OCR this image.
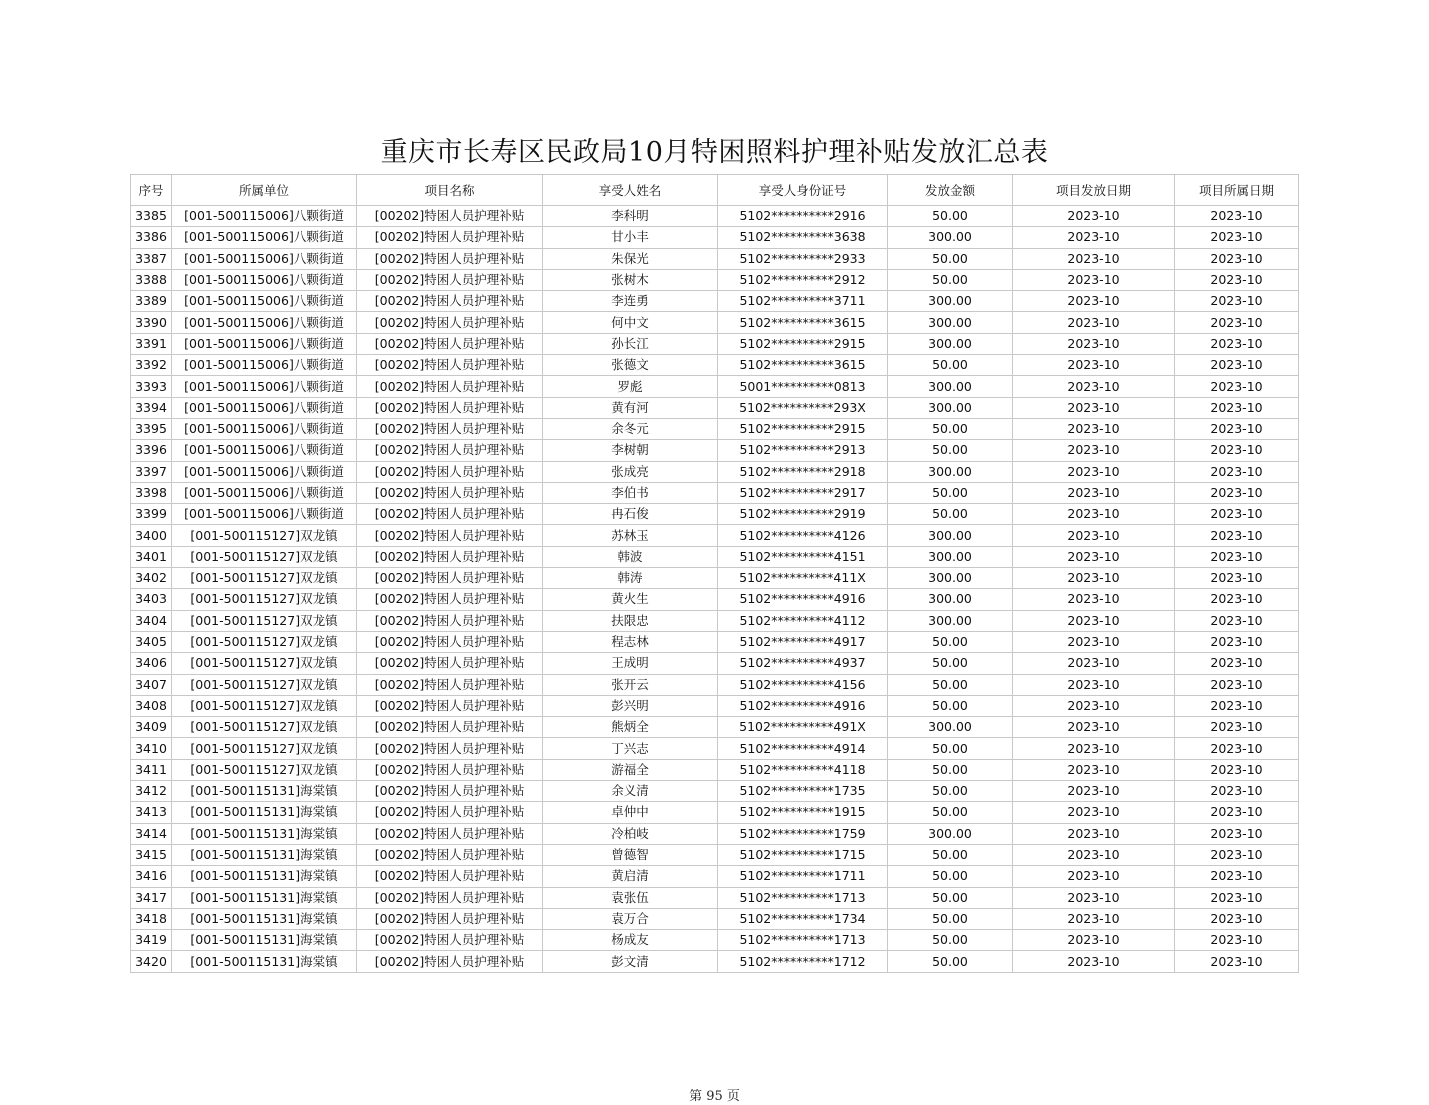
重庆市长寿区民政局10月特困照料护理补贴发放汇总表
序号	所属单位	项目名称	享受人姓名	享受人身份证号	发放金额	项目发放日期	项目所属日期
3385	[001-500115006]八颗街道	[00202]特困人员护理补贴	李科明	5102**********2916	50.00	2023-10	2023-10
3386	[001-500115006]八颗街道	[00202]特困人员护理补贴	甘小丰	5102**********3638	300.00	2023-10	2023-10
3387	[001-500115006]八颗街道	[00202]特困人员护理补贴	朱保光	5102**********2933	50.00	2023-10	2023-10
3388	[001-500115006]八颗街道	[00202]特困人员护理补贴	张树木	5102**********2912	50.00	2023-10	2023-10
3389	[001-500115006]八颗街道	[00202]特困人员护理补贴	李连勇	5102**********3711	300.00	2023-10	2023-10
3390	[001-500115006]八颗街道	[00202]特困人员护理补贴	何中文	5102**********3615	300.00	2023-10	2023-10
3391	[001-500115006]八颗街道	[00202]特困人员护理补贴	孙长江	5102**********2915	300.00	2023-10	2023-10
3392	[001-500115006]八颗街道	[00202]特困人员护理补贴	张德文	5102**********3615	50.00	2023-10	2023-10
3393	[001-500115006]八颗街道	[00202]特困人员护理补贴	罗彪	5001**********0813	300.00	2023-10	2023-10
3394	[001-500115006]八颗街道	[00202]特困人员护理补贴	黄有河	5102**********293X	300.00	2023-10	2023-10
3395	[001-500115006]八颗街道	[00202]特困人员护理补贴	余冬元	5102**********2915	50.00	2023-10	2023-10
3396	[001-500115006]八颗街道	[00202]特困人员护理补贴	李树朝	5102**********2913	50.00	2023-10	2023-10
3397	[001-500115006]八颗街道	[00202]特困人员护理补贴	张成亮	5102**********2918	300.00	2023-10	2023-10
3398	[001-500115006]八颗街道	[00202]特困人员护理补贴	李伯书	5102**********2917	50.00	2023-10	2023-10
3399	[001-500115006]八颗街道	[00202]特困人员护理补贴	冉石俊	5102**********2919	50.00	2023-10	2023-10
3400	[001-500115127]双龙镇	[00202]特困人员护理补贴	苏林玉	5102**********4126	300.00	2023-10	2023-10
3401	[001-500115127]双龙镇	[00202]特困人员护理补贴	韩波	5102**********4151	300.00	2023-10	2023-10
3402	[001-500115127]双龙镇	[00202]特困人员护理补贴	韩涛	5102**********411X	300.00	2023-10	2023-10
3403	[001-500115127]双龙镇	[00202]特困人员护理补贴	黄火生	5102**********4916	300.00	2023-10	2023-10
3404	[001-500115127]双龙镇	[00202]特困人员护理补贴	扶限忠	5102**********4112	300.00	2023-10	2023-10
3405	[001-500115127]双龙镇	[00202]特困人员护理补贴	程志林	5102**********4917	50.00	2023-10	2023-10
3406	[001-500115127]双龙镇	[00202]特困人员护理补贴	王成明	5102**********4937	50.00	2023-10	2023-10
3407	[001-500115127]双龙镇	[00202]特困人员护理补贴	张开云	5102**********4156	50.00	2023-10	2023-10
3408	[001-500115127]双龙镇	[00202]特困人员护理补贴	彭兴明	5102**********4916	50.00	2023-10	2023-10
3409	[001-500115127]双龙镇	[00202]特困人员护理补贴	熊炳全	5102**********491X	300.00	2023-10	2023-10
3410	[001-500115127]双龙镇	[00202]特困人员护理补贴	丁兴志	5102**********4914	50.00	2023-10	2023-10
3411	[001-500115127]双龙镇	[00202]特困人员护理补贴	游福全	5102**********4118	50.00	2023-10	2023-10
3412	[001-500115131]海棠镇	[00202]特困人员护理补贴	余义清	5102**********1735	50.00	2023-10	2023-10
3413	[001-500115131]海棠镇	[00202]特困人员护理补贴	卓仲中	5102**********1915	50.00	2023-10	2023-10
3414	[001-500115131]海棠镇	[00202]特困人员护理补贴	冷柏岐	5102**********1759	300.00	2023-10	2023-10
3415	[001-500115131]海棠镇	[00202]特困人员护理补贴	曾德智	5102**********1715	50.00	2023-10	2023-10
3416	[001-500115131]海棠镇	[00202]特困人员护理补贴	黄启清	5102**********1711	50.00	2023-10	2023-10
3417	[001-500115131]海棠镇	[00202]特困人员护理补贴	袁张伍	5102**********1713	50.00	2023-10	2023-10
3418	[001-500115131]海棠镇	[00202]特困人员护理补贴	袁万合	5102**********1734	50.00	2023-10	2023-10
3419	[001-500115131]海棠镇	[00202]特困人员护理补贴	杨成友	5102**********1713	50.00	2023-10	2023-10
3420	[001-500115131]海棠镇	[00202]特困人员护理补贴	彭文清	5102**********1712	50.00	2023-10	2023-10
第 95 页
